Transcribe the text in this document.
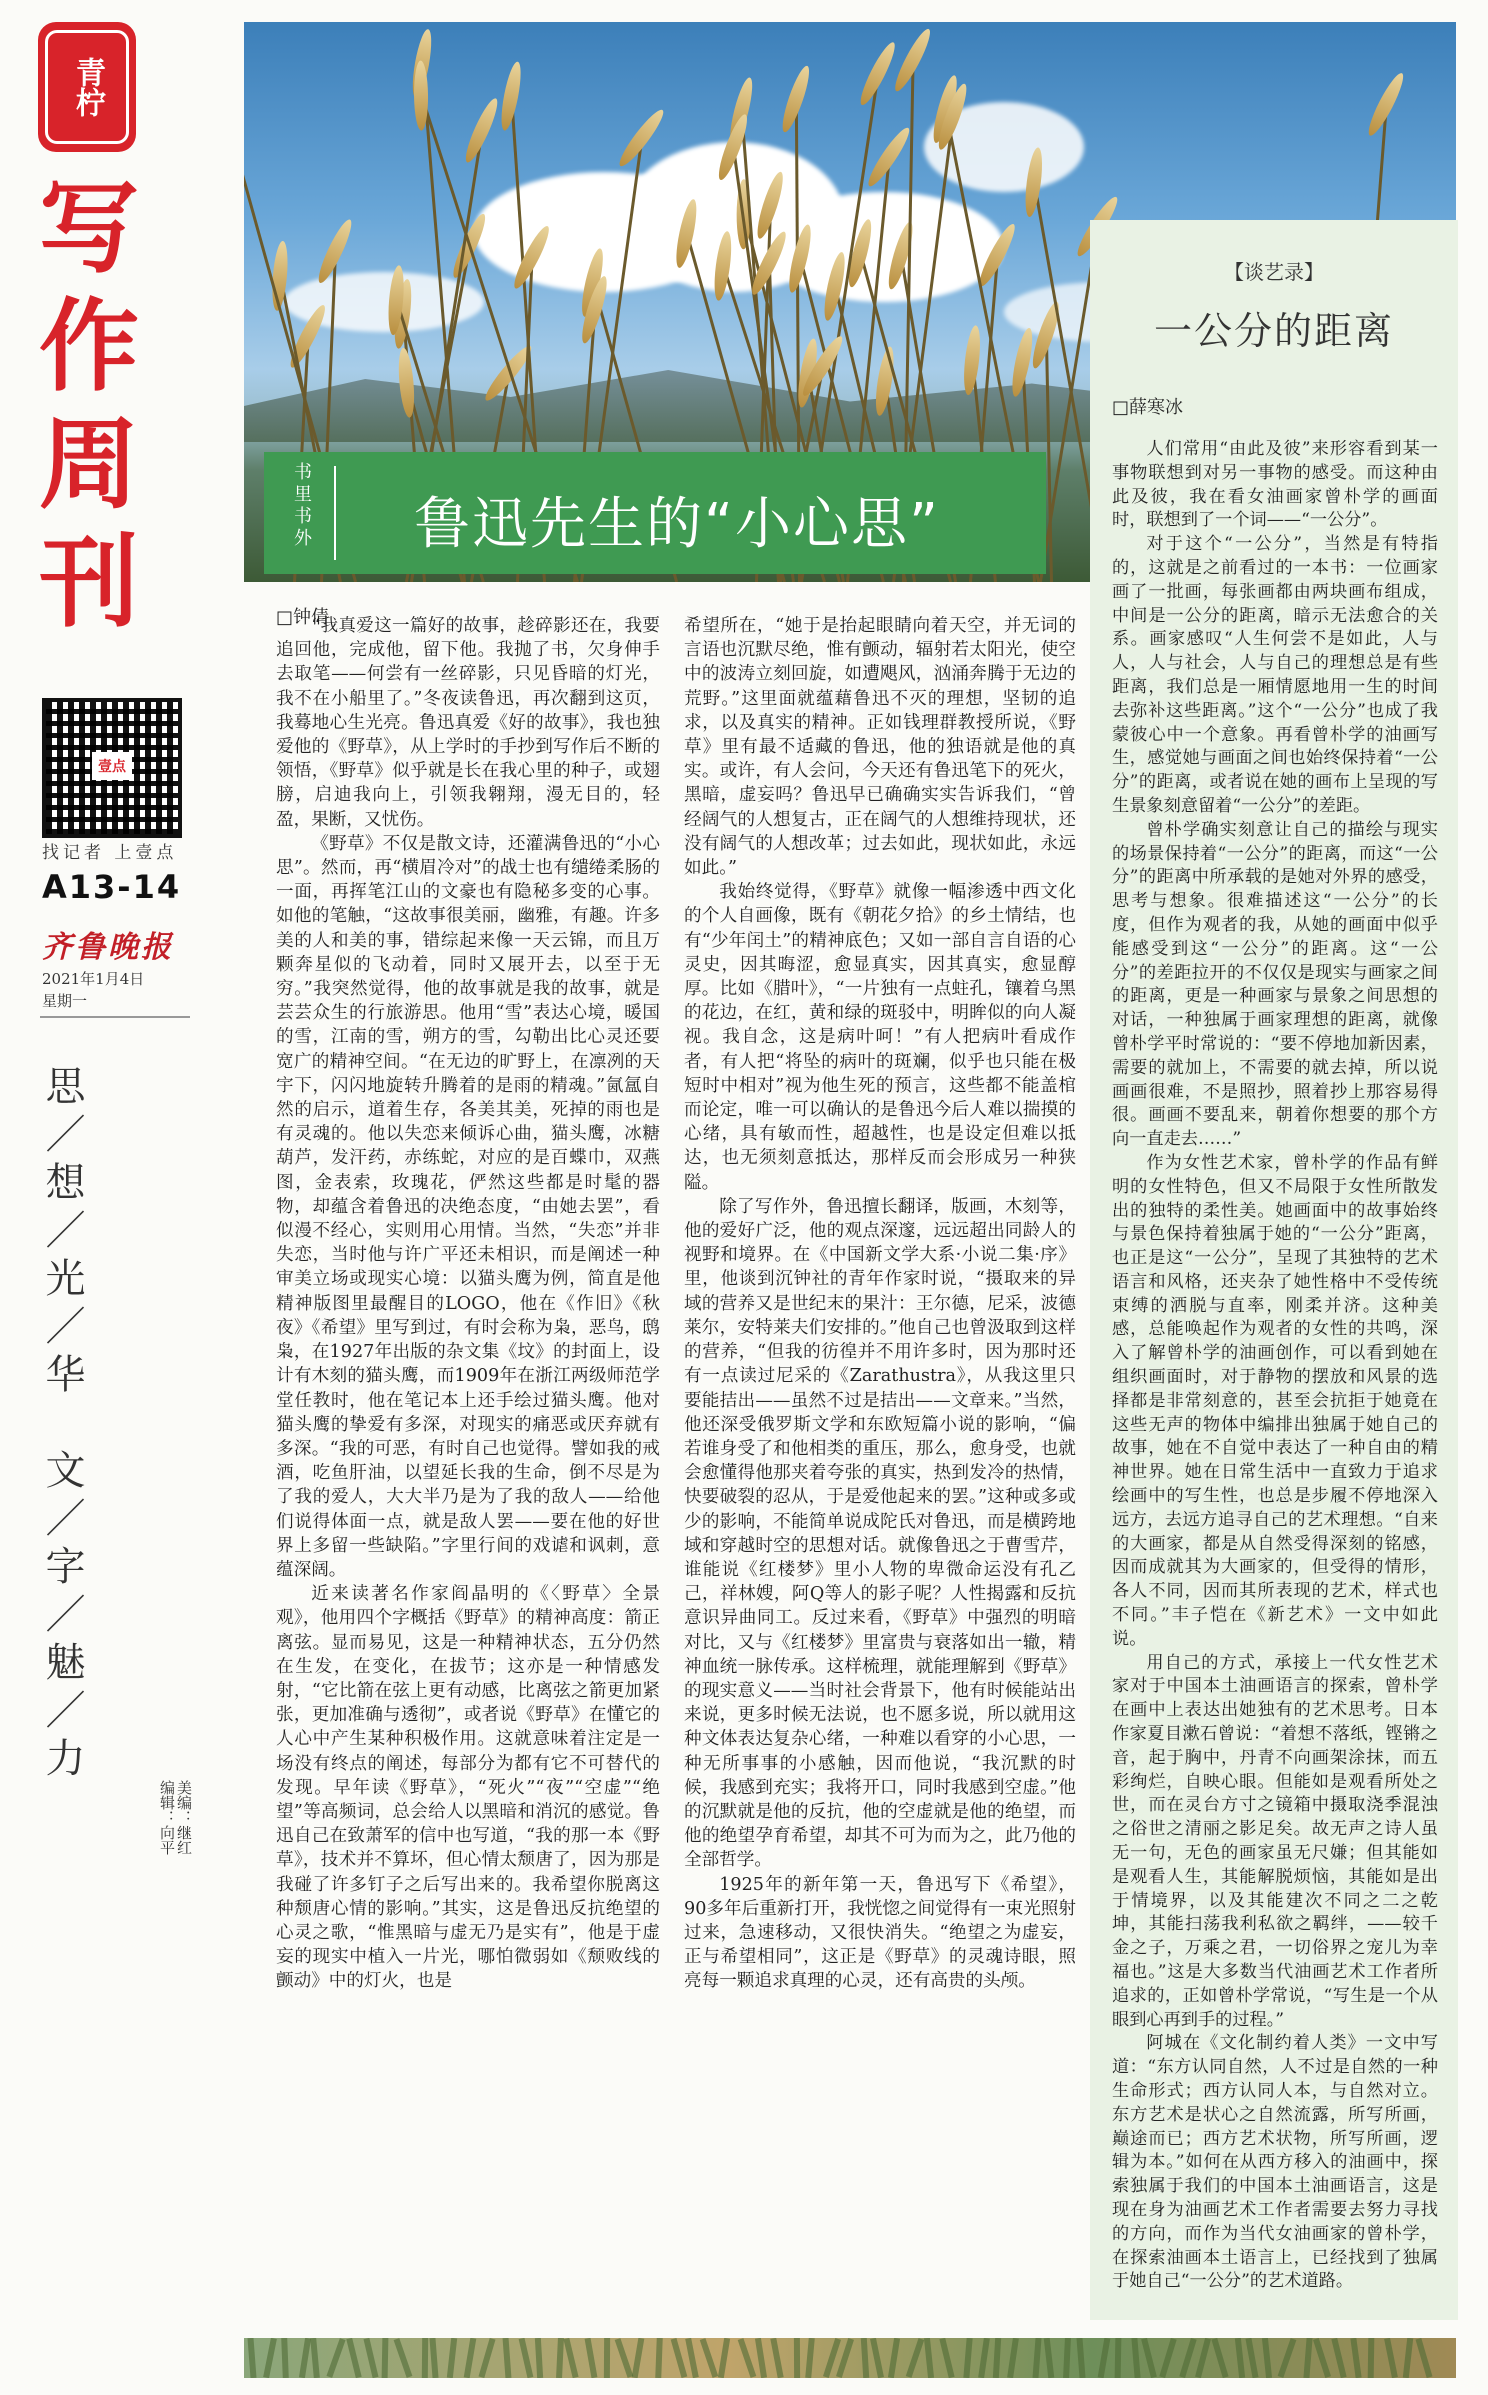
青柠
写
作
周
刊
壹点
找记者 上壹点
A13-14
齐鲁晚报
2021年1月4日
星期一
思／想／光／华　文／字／魅／力
美编：继红
编辑：向平
书里书外 鲁迅先生的“小心思”
□钟倩

“我真爱这一篇好的故事，趁碎影还在，我要追回他，完成他，留下他。我抛了书，欠身伸手去取笔——何尝有一丝碎影，只见昏暗的灯光，我不在小船里了。”冬夜读鲁迅，再次翻到这页，我蓦地心生光亮。鲁迅真爱《好的故事》，我也独爱他的《野草》，从上学时的手抄到写作后不断的领悟，《野草》似乎就是长在我心里的种子，或翅膀，启迪我向上，引领我翱翔，漫无目的，轻盈，果断，又忧伤。

《野草》不仅是散文诗，还灌满鲁迅的“小心思”。然而，再“横眉冷对”的战士也有缱绻柔肠的一面，再挥笔江山的文豪也有隐秘多变的心事。如他的笔触，“这故事很美丽，幽雅，有趣。许多美的人和美的事，错综起来像一天云锦，而且万颗奔星似的飞动着，同时又展开去，以至于无穷。”我突然觉得，他的故事就是我的故事，就是芸芸众生的行旅游思。他用“雪”表达心境，暖国的雪，江南的雪，朔方的雪，勾勒出比心灵还要宽广的精神空间。“在无边的旷野上，在凛冽的天宇下，闪闪地旋转升腾着的是雨的精魂。”氤氲自然的启示，道着生存，各美其美，死掉的雨也是有灵魂的。他以失恋来倾诉心曲，猫头鹰，冰糖葫芦，发汗药，赤练蛇，对应的是百蝶巾，双燕图，金表索，玫瑰花，俨然这些都是时髦的器物，却蕴含着鲁迅的决绝态度，“由她去罢”，看似漫不经心，实则用心用情。当然，“失恋”并非失恋，当时他与许广平还未相识，而是阐述一种审美立场或现实心境：以猫头鹰为例，简直是他精神版图里最醒目的LOGO，他在《作旧》《秋夜》《希望》里写到过，有时会称为枭，恶鸟，鸱枭，在1927年出版的杂文集《坟》的封面上，设计有木刻的猫头鹰，而1909年在浙江两级师范学堂任教时，他在笔记本上还手绘过猫头鹰。他对猫头鹰的挚爱有多深，对现实的痛恶或厌弃就有多深。“我的可恶，有时自己也觉得。譬如我的戒酒，吃鱼肝油，以望延长我的生命，倒不尽是为了我的爱人，大大半乃是为了我的敌人——给他们说得体面一点，就是敌人罢——要在他的好世界上多留一些缺陷。”字里行间的戏谑和讽刺，意蕴深阔。

近来读著名作家阎晶明的《〈野草〉全景观》，他用四个字概括《野草》的精神高度：箭正离弦。显而易见，这是一种精神状态，五分仍然在生发，在变化，在拔节；这亦是一种情感发射，“它比箭在弦上更有动感，比离弦之箭更加紧张，更加准确与透彻”，或者说《野草》在懂它的人心中产生某种积极作用。这就意味着注定是一场没有终点的阐述，每部分为都有它不可替代的发现。早年读《野草》，“死火”“夜”“空虚”“绝望”等高频词，总会给人以黑暗和消沉的感觉。鲁迅自己在致萧军的信中也写道，“我的那一本《野草》，技术并不算坏，但心情太颓唐了，因为那是我碰了许多钉子之后写出来的。我希望你脱离这种颓唐心情的影响。”其实，这是鲁迅反抗绝望的心灵之歌，“惟黑暗与虚无乃是实有”，他是于虚妄的现实中植入一片光，哪怕微弱如《颓败线的颤动》中的灯火，也是

希望所在，“她于是抬起眼睛向着天空，并无词的言语也沉默尽绝，惟有颤动，辐射若太阳光，使空中的波涛立刻回旋，如遭飓风，汹涌奔腾于无边的荒野。”这里面就蕴藉鲁迅不灭的理想，坚韧的追求，以及真实的精神。正如钱理群教授所说，《野草》里有最不适藏的鲁迅，他的独语就是他的真实。或许，有人会问，今天还有鲁迅笔下的死火，黑暗，虚妄吗？鲁迅早已确确实实告诉我们，“曾经阔气的人想复古，正在阔气的人想维持现状，还没有阔气的人想改革；过去如此，现状如此，永远如此。”

我始终觉得，《野草》就像一幅渗透中西文化的个人自画像，既有《朝花夕拾》的乡土情结，也有“少年闰土”的精神底色；又如一部自言自语的心灵史，因其晦涩，愈显真实，因其真实，愈显醇厚。比如《腊叶》，“一片独有一点蛀孔，镶着乌黑的花边，在红，黄和绿的斑驳中，明眸似的向人凝视。我自念，这是病叶呵！”有人把病叶看成作者，有人把“将坠的病叶的斑斓，似乎也只能在极短时中相对”视为他生死的预言，这些都不能盖棺而论定，唯一可以确认的是鲁迅今后人难以揣摸的心绪，具有敏而性，超越性，也是设定但难以抵达，也无须刻意抵达，那样反而会形成另一种狭隘。

除了写作外，鲁迅擅长翻译，版画，木刻等，他的爱好广泛，他的观点深邃，远远超出同龄人的视野和境界。在《中国新文学大系·小说二集·序》里，他谈到沉钟社的青年作家时说，“摄取来的异域的营养又是世纪末的果汁：王尔德，尼采，波德莱尔，安特莱夫们安排的。”他自己也曾汲取到这样的营养，“但我的彷徨并不用许多时，因为那时还有一点读过尼采的《Zarathustra》，从我这里只要能拮出——虽然不过是拮出——文章来。”当然，他还深受俄罗斯文学和东欧短篇小说的影响，“偏若谁身受了和他相类的重压，那么，愈身受，也就会愈懂得他那夹着夸张的真实，热到发冷的热情，快要破裂的忍从，于是爱他起来的罢。”这种或多或少的影响，不能简单说成陀氏对鲁迅，而是横跨地域和穿越时空的思想对话。就像鲁迅之于曹雪芹，谁能说《红楼梦》里小人物的卑微命运没有孔乙己，祥林嫂，阿Q等人的影子呢？人性揭露和反抗意识异曲同工。反过来看，《野草》中强烈的明暗对比，又与《红楼梦》里富贵与衰落如出一辙，精神血统一脉传承。这样梳理，就能理解到《野草》的现实意义——当时社会背景下，他有时候能站出来说，更多时候无法说，也不愿多说，所以就用这种文体表达复杂心绪，一种难以看穿的小心思，一种无所事事的小感触，因而他说，“我沉默的时候，我感到充实；我将开口，同时我感到空虚。”他的沉默就是他的反抗，他的空虚就是他的绝望，而他的绝望孕育希望，却其不可为而为之，此乃他的全部哲学。

1925年的新年第一天，鲁迅写下《希望》，90多年后重新打开，我恍惚之间觉得有一束光照射过来，急速移动，又很快消失。“绝望之为虚妄，正与希望相同”，这正是《野草》的灵魂诗眼，照亮每一颗追求真理的心灵，还有高贵的头颅。

【谈艺录】
一公分的距离
□薛寒冰

人们常用“由此及彼”来形容看到某一事物联想到对另一事物的感受。而这种由此及彼，我在看女油画家曾朴学的画面时，联想到了一个词——“一公分”。

对于这个“一公分”，当然是有特指的，这就是之前看过的一本书：一位画家画了一批画，每张画都由两块画布组成，中间是一公分的距离，暗示无法愈合的关系。画家感叹“人生何尝不是如此，人与人，人与社会，人与自己的理想总是有些距离，我们总是一厢情愿地用一生的时间去弥补这些距离。”这个“一公分”也成了我蒙彼心中一个意象。再看曾朴学的油画写生，感觉她与画面之间也始终保持着“一公分”的距离，或者说在她的画布上呈现的写生景象刻意留着“一公分”的差距。

曾朴学确实刻意让自己的描绘与现实的场景保持着“一公分”的距离，而这“一公分”的距离中所承载的是她对外界的感受，思考与想象。很难描述这“一公分”的长度，但作为观者的我，从她的画面中似乎能感受到这“一公分”的距离。这“一公分”的差距拉开的不仅仅是现实与画家之间的距离，更是一种画家与景象之间思想的对话，一种独属于画家理想的距离，就像曾朴学平时常说的：“要不停地加新因素，需要的就加上，不需要的就去掉，所以说画画很难，不是照抄，照着抄上那容易得很。画画不要乱来，朝着你想要的那个方向一直走去……”

作为女性艺术家，曾朴学的作品有鲜明的女性特色，但又不局限于女性所散发出的独特的柔性美。她画面中的故事始终与景色保持着独属于她的“一公分”距离，也正是这“一公分”，呈现了其独特的艺术语言和风格，还夹杂了她性格中不受传统束缚的洒脱与直率，刚柔并济。这种美感，总能唤起作为观者的女性的共鸣，深入了解曾朴学的油画创作，可以看到她在组织画面时，对于静物的摆放和风景的选择都是非常刻意的，甚至会抗拒于她竟在这些无声的物体中编排出独属于她自己的故事，她在不自觉中表达了一种自由的精神世界。她在日常生活中一直致力于追求绘画中的写生性，也总是步履不停地深入远方，去远方追寻自己的艺术理想。“自来的大画家，都是从自然受得深刻的铭感，因而成就其为大画家的，但受得的情形，各人不同，因而其所表现的艺术，样式也不同。”丰子恺在《新艺术》一文中如此说。

用自己的方式，承接上一代女性艺术家对于中国本土油画语言的探索，曾朴学在画中上表达出她独有的艺术思考。日本作家夏目漱石曾说：“着想不落纸，铿锵之音，起于胸中，丹青不向画架涂抹，而五彩绚烂，自映心眼。但能如是观看所处之世，而在灵台方寸之镜箱中摄取浇季混浊之俗世之清丽之影足矣。故无声之诗人虽无一句，无色的画家虽无尺嫌；但其能如是观看人生，其能解脱烦恼，其能如是出于情境界，以及其能建次不同之二之乾坤，其能扫荡我利私欲之羁绊，——较千金之子，万乘之君，一切俗界之宠儿为幸福也。”这是大多数当代油画艺术工作者所追求的，正如曾朴学常说，“写生是一个从眼到心再到手的过程。”

阿城在《文化制约着人类》一文中写道：“东方认同自然，人不过是自然的一种生命形式；西方认同人本，与自然对立。东方艺术是状心之自然流露，所写所画，巅途而已；西方艺术状物，所写所画，逻辑为本。”如何在从西方移入的油画中，探索独属于我们的中国本土油画语言，这是现在身为油画艺术工作者需要去努力寻找的方向，而作为当代女油画家的曾朴学，在探索油画本土语言上，已经找到了独属于她自己“一公分”的艺术道路。
